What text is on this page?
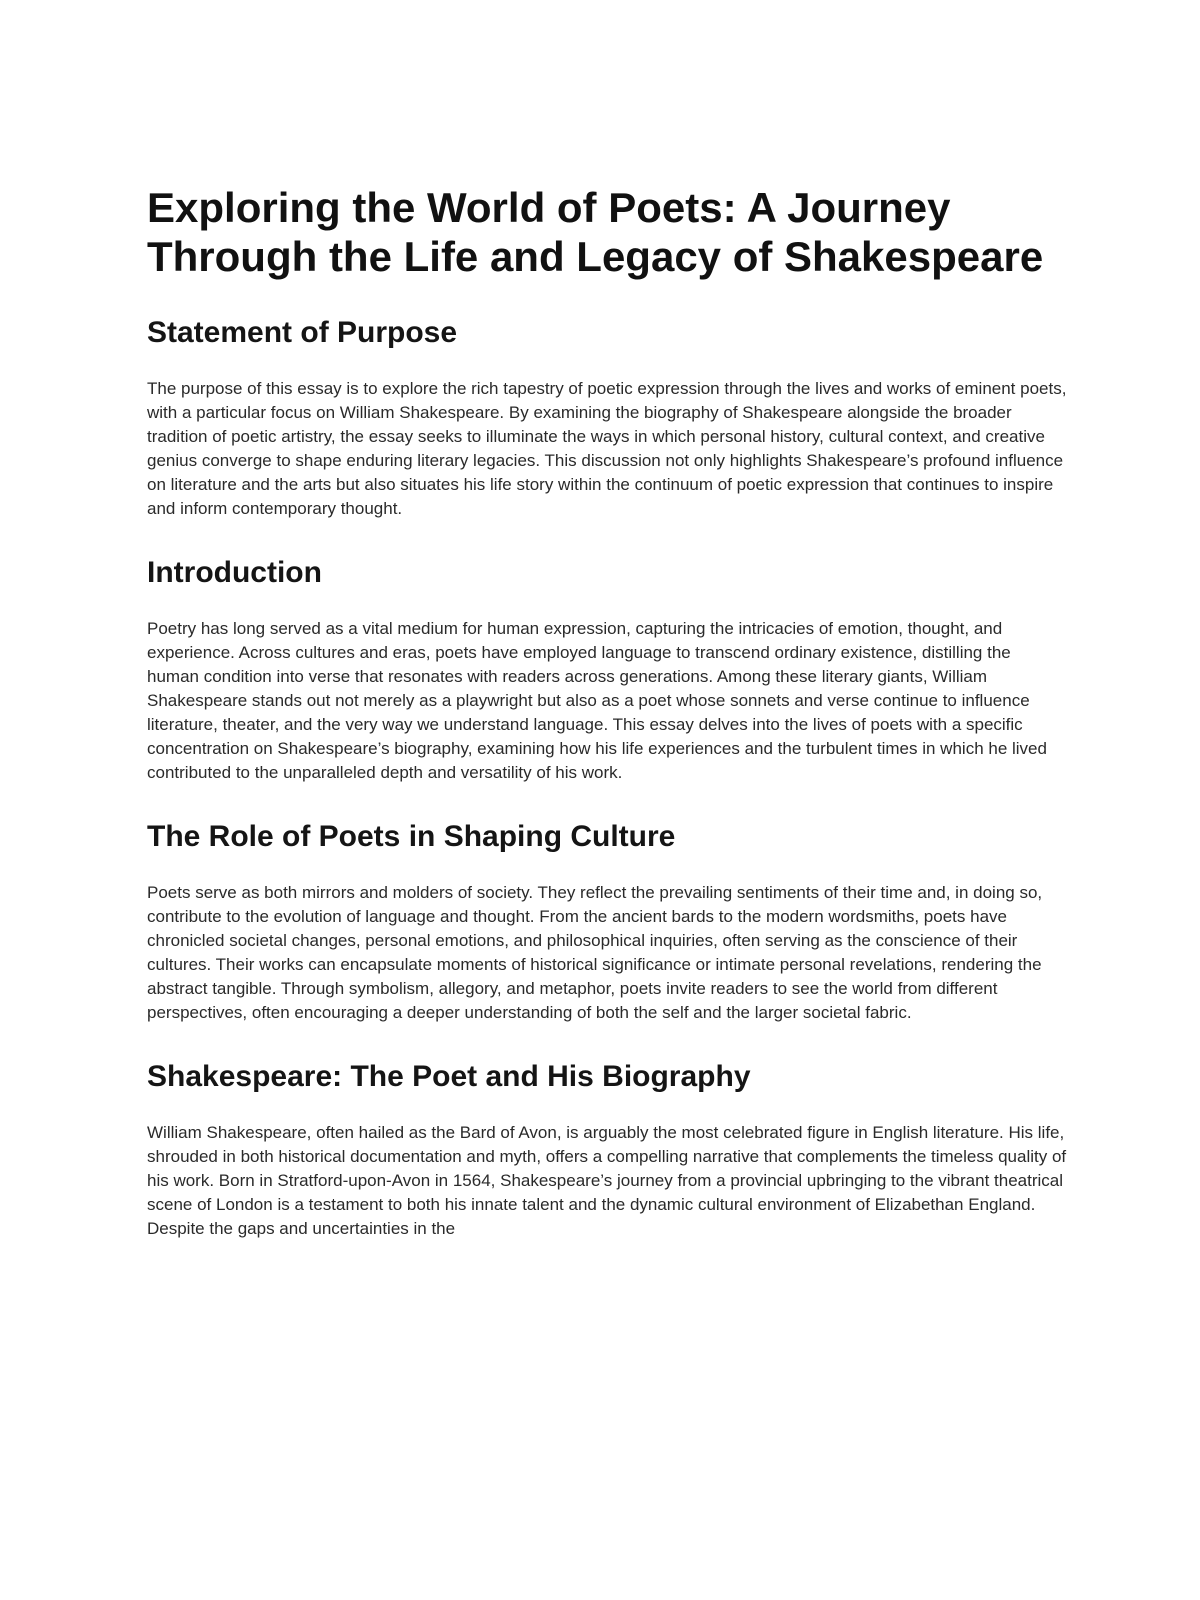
Exploring the World of Poets: A Journey Through the Life and Legacy of Shakespeare
Statement of Purpose

The purpose of this essay is to explore the rich tapestry of poetic expression through the lives and works of eminent poets, with a particular focus on William Shakespeare. By examining the biography of Shakespeare alongside the broader tradition of poetic artistry, the essay seeks to illuminate the ways in which personal history, cultural context, and creative genius converge to shape enduring literary legacies. This discussion not only highlights Shakespeare’s profound influence on literature and the arts but also situates his life story within the continuum of poetic expression that continues to inspire and inform contemporary thought.

Introduction

Poetry has long served as a vital medium for human expression, capturing the intricacies of emotion, thought, and experience. Across cultures and eras, poets have employed language to transcend ordinary existence, distilling the human condition into verse that resonates with readers across generations. Among these literary giants, William Shakespeare stands out not merely as a playwright but also as a poet whose sonnets and verse continue to influence literature, theater, and the very way we understand language. This essay delves into the lives of poets with a specific concentration on Shakespeare’s biography, examining how his life experiences and the turbulent times in which he lived contributed to the unparalleled depth and versatility of his work.

The Role of Poets in Shaping Culture

Poets serve as both mirrors and molders of society. They reflect the prevailing sentiments of their time and, in doing so, contribute to the evolution of language and thought. From the ancient bards to the modern wordsmiths, poets have chronicled societal changes, personal emotions, and philosophical inquiries, often serving as the conscience of their cultures. Their works can encapsulate moments of historical significance or intimate personal revelations, rendering the abstract tangible. Through symbolism, allegory, and metaphor, poets invite readers to see the world from different perspectives, often encouraging a deeper understanding of both the self and the larger societal fabric.

Shakespeare: The Poet and His Biography

William Shakespeare, often hailed as the Bard of Avon, is arguably the most celebrated figure in English literature. His life, shrouded in both historical documentation and myth, offers a compelling narrative that complements the timeless quality of his work. Born in Stratford-upon-Avon in 1564, Shakespeare’s journey from a provincial upbringing to the vibrant theatrical scene of London is a testament to both his innate talent and the dynamic cultural environment of Elizabethan England. Despite the gaps and uncertainties in the
